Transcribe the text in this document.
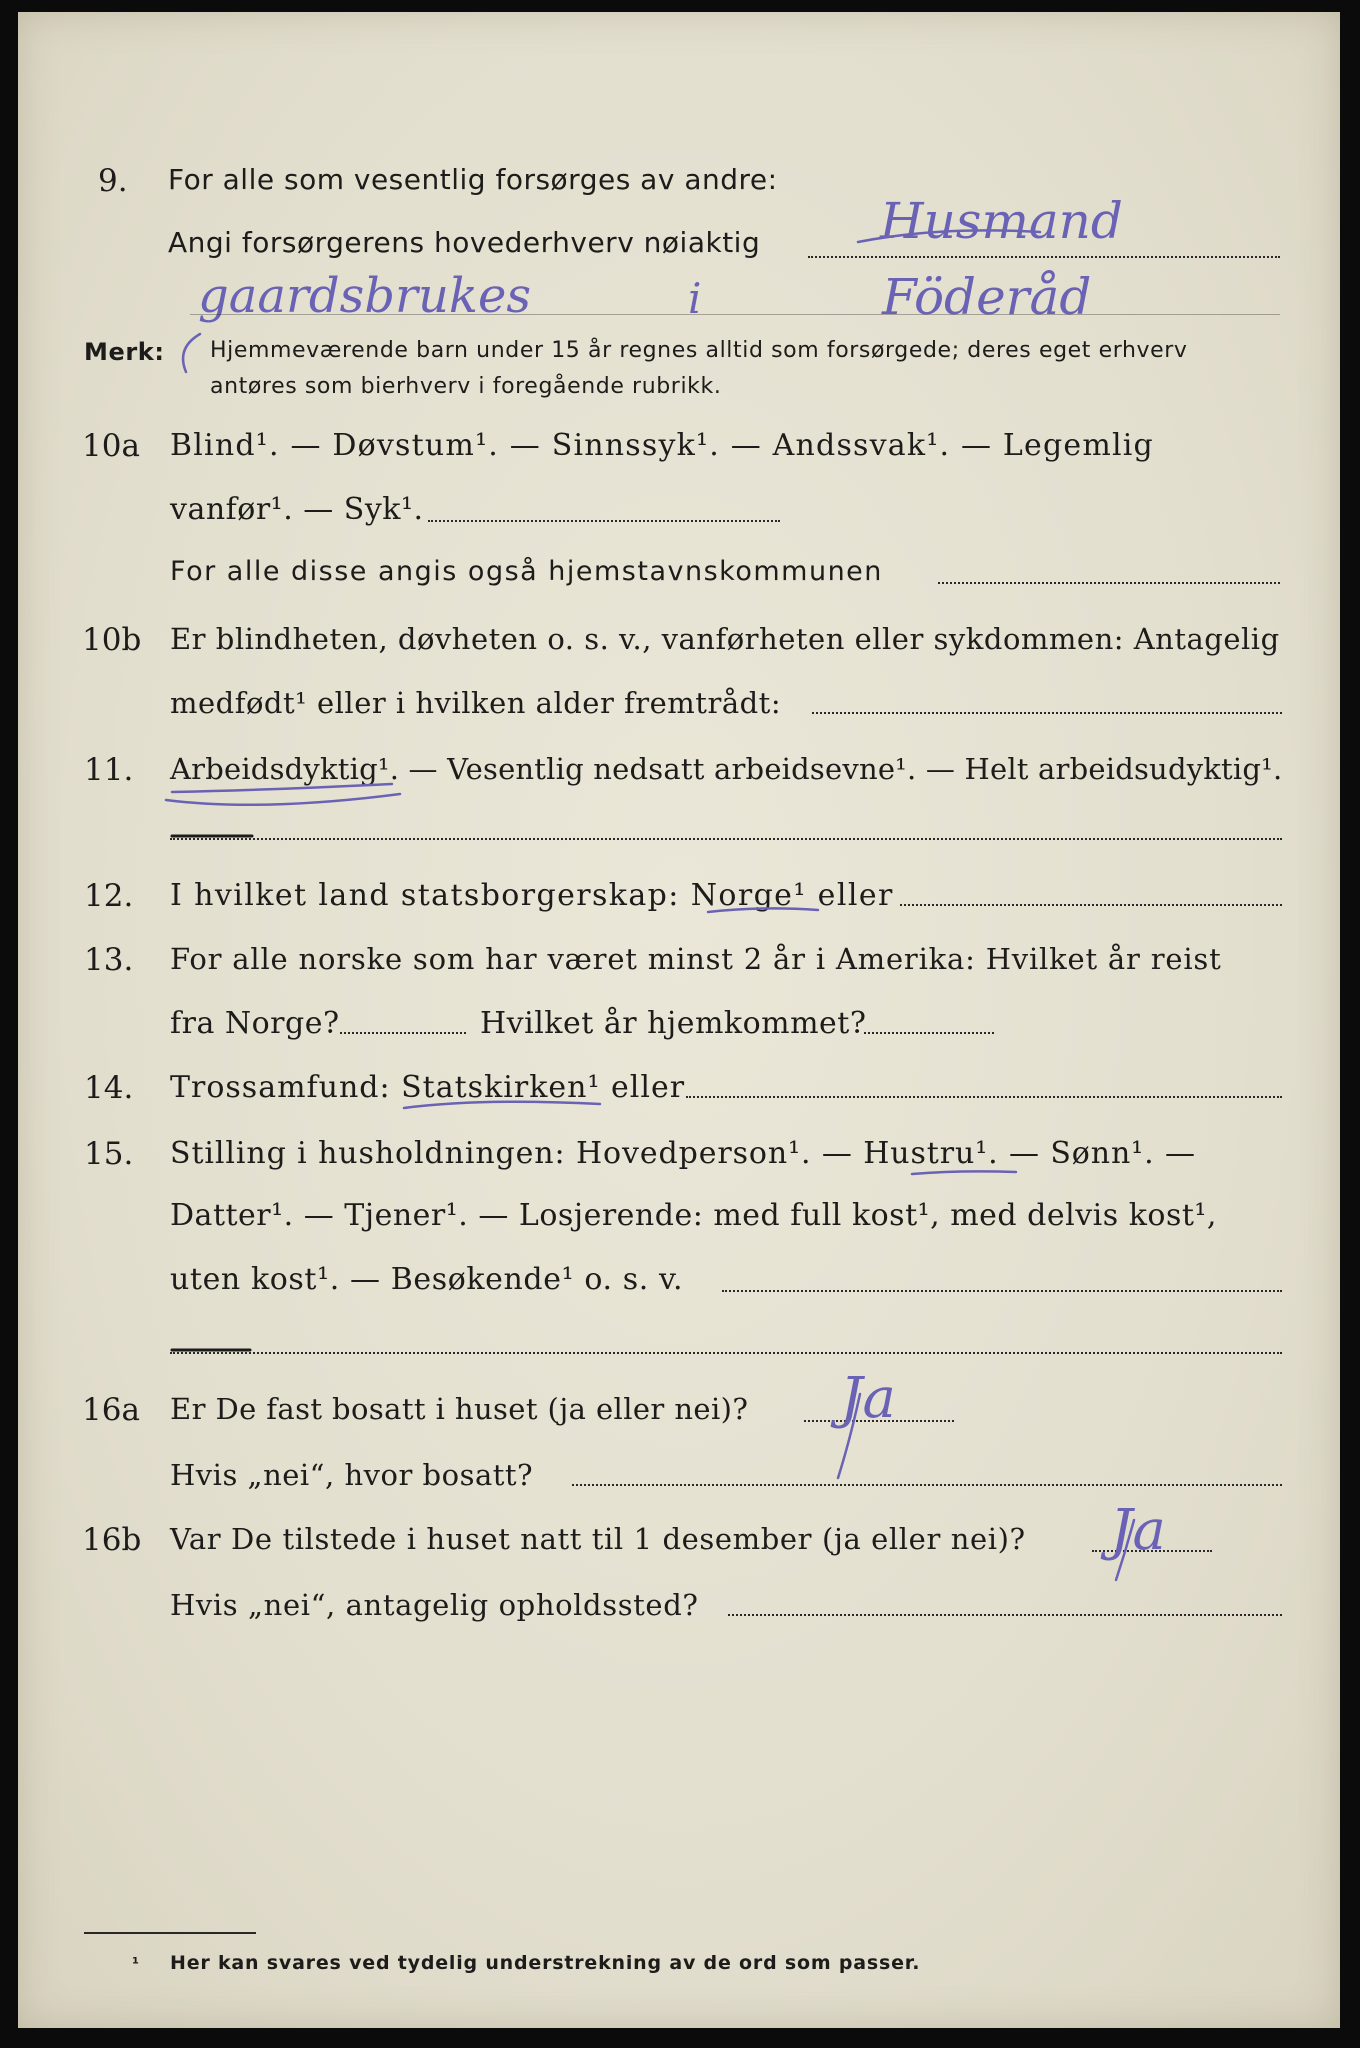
9. For alle som vesentlig forsørges av andre:
Angi forsørgerens hovederhverv nøiaktig Husmand
gaardsbrukes	i	Föderåd
Merk: Hjemmeværende barn under 15 år regnes alltid som forsørgede; deres eget erhverv
antøres som bierhverv i foregående rubrikk.
10a Blind¹. — Døvstum¹. — Sinnssyk¹. — Andssvak¹. — Legemlig
vanfør¹. — Syk¹.
For alle disse angis også hjemstavnskommunen
10b Er blindheten, døvheten o. s. v., vanførheten eller sykdommen: Antagelig
medfødt¹ eller i hvilken alder fremtrådt:
11. Arbeidsdyktig¹. — Vesentlig nedsatt arbeidsevne¹. — Helt arbeidsudyktig¹.
12. I hvilket land statsborgerskap: Norge¹ eller
13. For alle norske som har været minst 2 år i Amerika: Hvilket år reist
fra Norge?	Hvilket år hjemkommet?
14. Trossamfund: Statskirken¹ eller
15. Stilling i husholdningen: Hovedperson¹. — Hustru¹. — Sønn¹. —
Datter¹. — Tjener¹. — Losjerende: med full kost¹, med delvis kost¹,
uten kost¹. — Besøkende¹ o. s. v.
16a Er De fast bosatt i huset (ja eller nei)? Ja
Hvis „nei“, hvor bosatt?
16b Var De tilstede i huset natt til 1 desember (ja eller nei)? Ja
Hvis „nei“, antagelig opholdssted?
¹ Her kan svares ved tydelig understrekning av de ord som passer.
